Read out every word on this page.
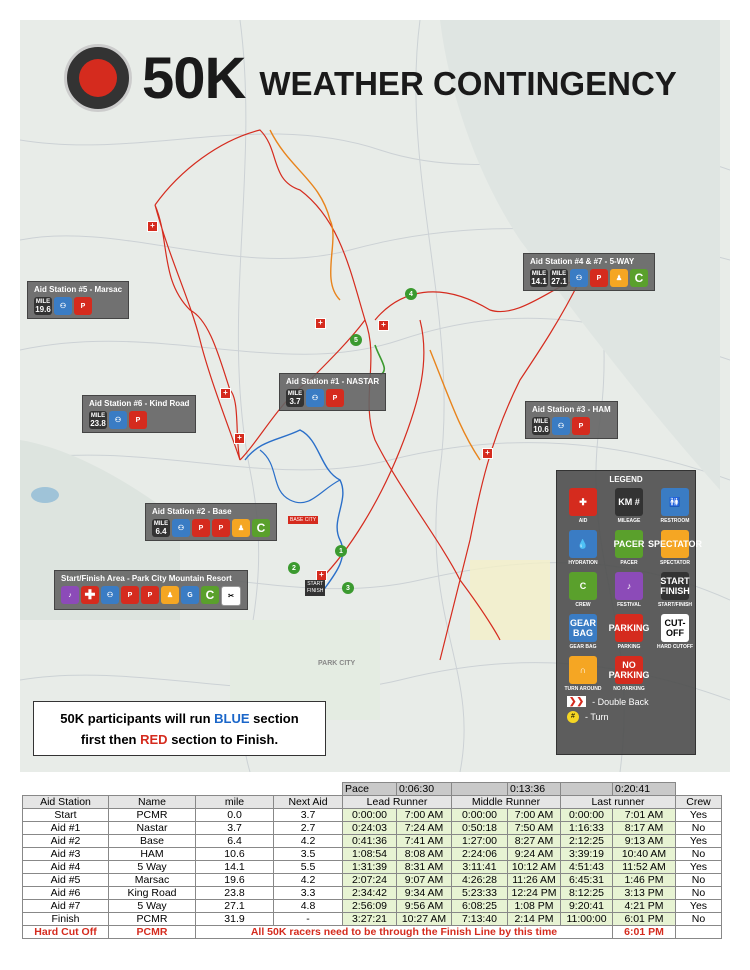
50K WEATHER CONTINGENCY
+
+
+
+	+
+
+
1
2
3
4
5
BASE CITY
START
FINISH
PARK CITY
Aid Station #5 - Marsac
MILE
19.6	⚇	P
Aid Station #4 & #7 - 5-WAY
MILE
14.1
MILE
27.1	⚇	P	♟	C
Aid Station #1 - NASTAR
MILE
3.7	⚇	P
Aid Station #6 - Kind Road
MILE
23.8	⚇	P
Aid Station #3 - HAM
MILE
10.6	⚇	P
Aid Station #2 - Base
MILE
6.4	⚇	P	P	♟	C
Start/Finish Area - Park City Mountain Resort
♪ ✚	⚇	P	P	♟	G	C	✂
LEGEND
✚
AID
KM #
MILEAGE
🚻
RESTROOM
💧
HYDRATION
PACER
PACER
SPECTATOR
SPECTATOR
C
CREW
♪
FESTIVAL
START FINISH
START/FINISH
GEAR BAG
GEAR BAG
PARKING
PARKING
CUT-OFF
HARD CUTOFF
∩
TURN AROUND
NO PARKING
NO PARKING
❯❯ - Double Back
#	- Turn
50K participants will run BLUE section
first then RED section to Finish.
				Pace	0:06:30		0:13:36		0:20:41	
Aid Station	Name	mile	Next Aid	Lead Runner		Middle Runner		Last runner		Crew
Start	PCMR	0.0	3.7	0:00:00	7:00 AM	0:00:00	7:00 AM	0:00:00	7:01 AM	Yes
Aid #1	Nastar	3.7	2.7	0:24:03	7:24 AM	0:50:18	7:50 AM	1:16:33	8:17 AM	No
Aid #2	Base	6.4	4.2	0:41:36	7:41 AM	1:27:00	8:27 AM	2:12:25	9:13 AM	Yes
Aid #3	HAM	10.6	3.5	1:08:54	8:08 AM	2:24:06	9:24 AM	3:39:19	10:40 AM	No
Aid #4	5 Way	14.1	5.5	1:31:39	8:31 AM	3:11:41	10:12 AM	4:51:43	11:52 AM	Yes
Aid #5	Marsac	19.6	4.2	2:07:24	9:07 AM	4:26:28	11:26 AM	6:45:31	1:46 PM	No
Aid #6	King Road	23.8	3.3	2:34:42	9:34 AM	5:23:33	12:24 PM	8:12:25	3:13 PM	No
Aid #7	5 Way	27.1	4.8	2:56:09	9:56 AM	6:08:25	1:08 PM	9:20:41	4:21 PM	Yes
Finish	PCMR	31.9	-	3:27:21	10:27 AM	7:13:40	2:14 PM	11:00:00	6:01 PM	No
Hard Cut Off	PCMR	All 50K racers need to be through the Finish Line by this time							6:01 PM	
